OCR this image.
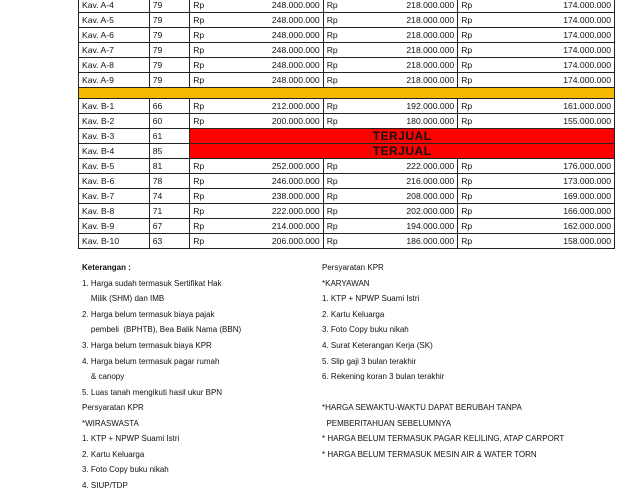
Kav. A-4	79	Rp	248.000.000	Rp	218.000.000	Rp	174.000.000
Kav. A-5	79	Rp	248.000.000	Rp	218.000.000	Rp	174.000.000
Kav. A-6	79	Rp	248.000.000	Rp	218.000.000	Rp	174.000.000
Kav. A-7	79	Rp	248.000.000	Rp	218.000.000	Rp	174.000.000
Kav. A-8	79	Rp	248.000.000	Rp	218.000.000	Rp	174.000.000
Kav. A-9	79	Rp	248.000.000	Rp	218.000.000	Rp	174.000.000

Kav. B-1	66	Rp	212.000.000	Rp	192.000.000	Rp	161.000.000
Kav. B-2	60	Rp	200.000.000	Rp	180.000.000	Rp	155.000.000
Kav. B-3	61	TERJUAL					
Kav. B-4	85	TERJUAL					
Kav. B-5	81	Rp	252.000.000	Rp	222.000.000	Rp	176.000.000
Kav. B-6	78	Rp	246.000.000	Rp	216.000.000	Rp	173.000.000
Kav. B-7	74	Rp	238.000.000	Rp	208.000.000	Rp	169.000.000
Kav. B-8	71	Rp	222.000.000	Rp	202.000.000	Rp	166.000.000
Kav. B-9	67	Rp	214.000.000	Rp	194.000.000	Rp	162.000.000
Kav. B-10	63	Rp	206.000.000	Rp	186.000.000	Rp	158.000.000
Keterangan :
1. Harga sudah termasuk Sertifikat Hak
Milik (SHM) dan IMB
2. Harga belum termasuk biaya pajak
pembeli  (BPHTB), Bea Balik Nama (BBN)
3. Harga belum termasuk biaya KPR
4. Harga belum termasuk pagar rumah
& canopy
5. Luas tanah mengikuti hasil ukur BPN
Persyaratan KPR
*KARYAWAN
1. KTP + NPWP Suami Istri
2. Kartu Keluarga
3. Foto Copy buku nikah
4. Surat Keterangan Kerja (SK)
5. Slip gaji 3 bulan terakhir
6. Rekening koran 3 bulan terakhir
Persyaratan KPR
*WIRASWASTA
1. KTP + NPWP Suami Istri
2. Kartu Keluarga
3. Foto Copy buku nikah
4. SIUP/TDP
*HARGA SEWAKTU-WAKTU DAPAT BERUBAH TANPA
PEMBERITAHUAN SEBELUMNYA
* HARGA BELUM TERMASUK PAGAR KELILING, ATAP CARPORT
* HARGA BELUM TERMASUK MESIN AIR & WATER TORN
